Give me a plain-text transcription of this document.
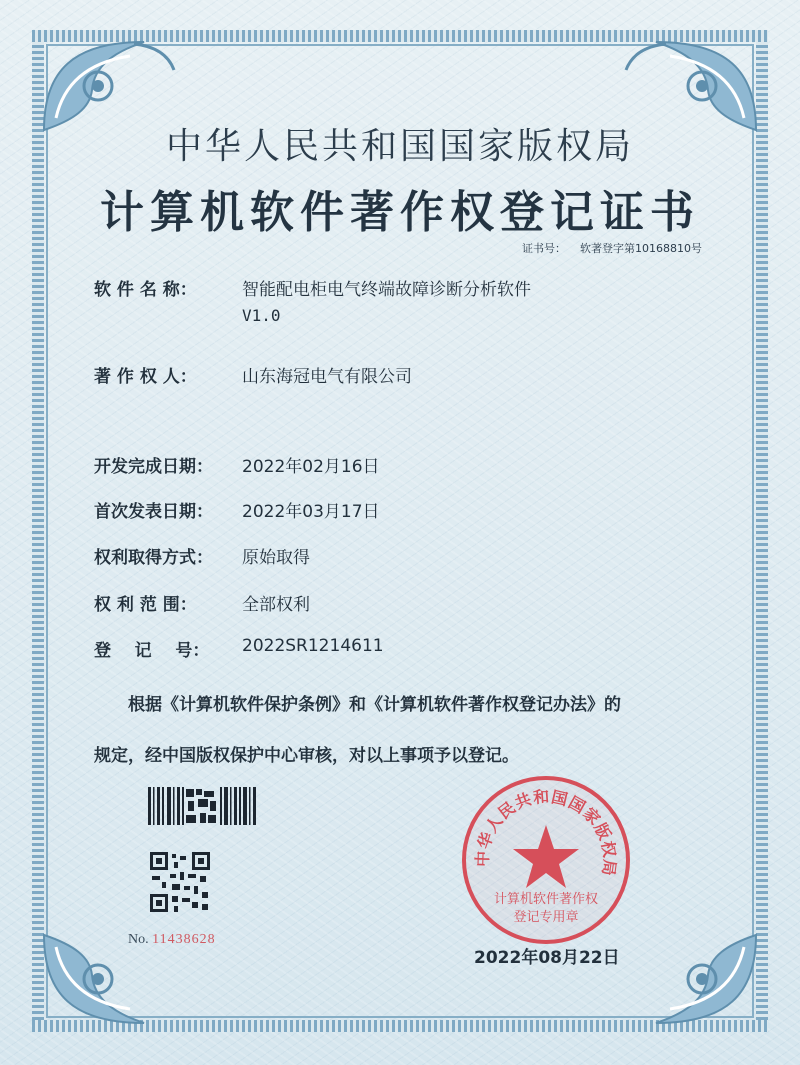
中华人民共和国国家版权局
计算机软件著作权登记证书
证书号： 软著登字第10168810号
软 件 名 称：	智能配电柜电气终端故障诊断分析软件
V1.0
著 作 权 人：	山东海冠电气有限公司
开发完成日期： 2022年02月16日
首次发表日期： 2022年03月17日
权利取得方式： 原始取得
权 利 范 围：	全部权利
登    记    号： 2022SR1214611
根据《计算机软件保护条例》和《计算机软件著作权登记办法》的
规定，经中国版权保护中心审核，对以上事项予以登记。
No. 11438628
中华人民共和国国家版权局
计算机软件著作权
登记专用章
2022年08月22日
